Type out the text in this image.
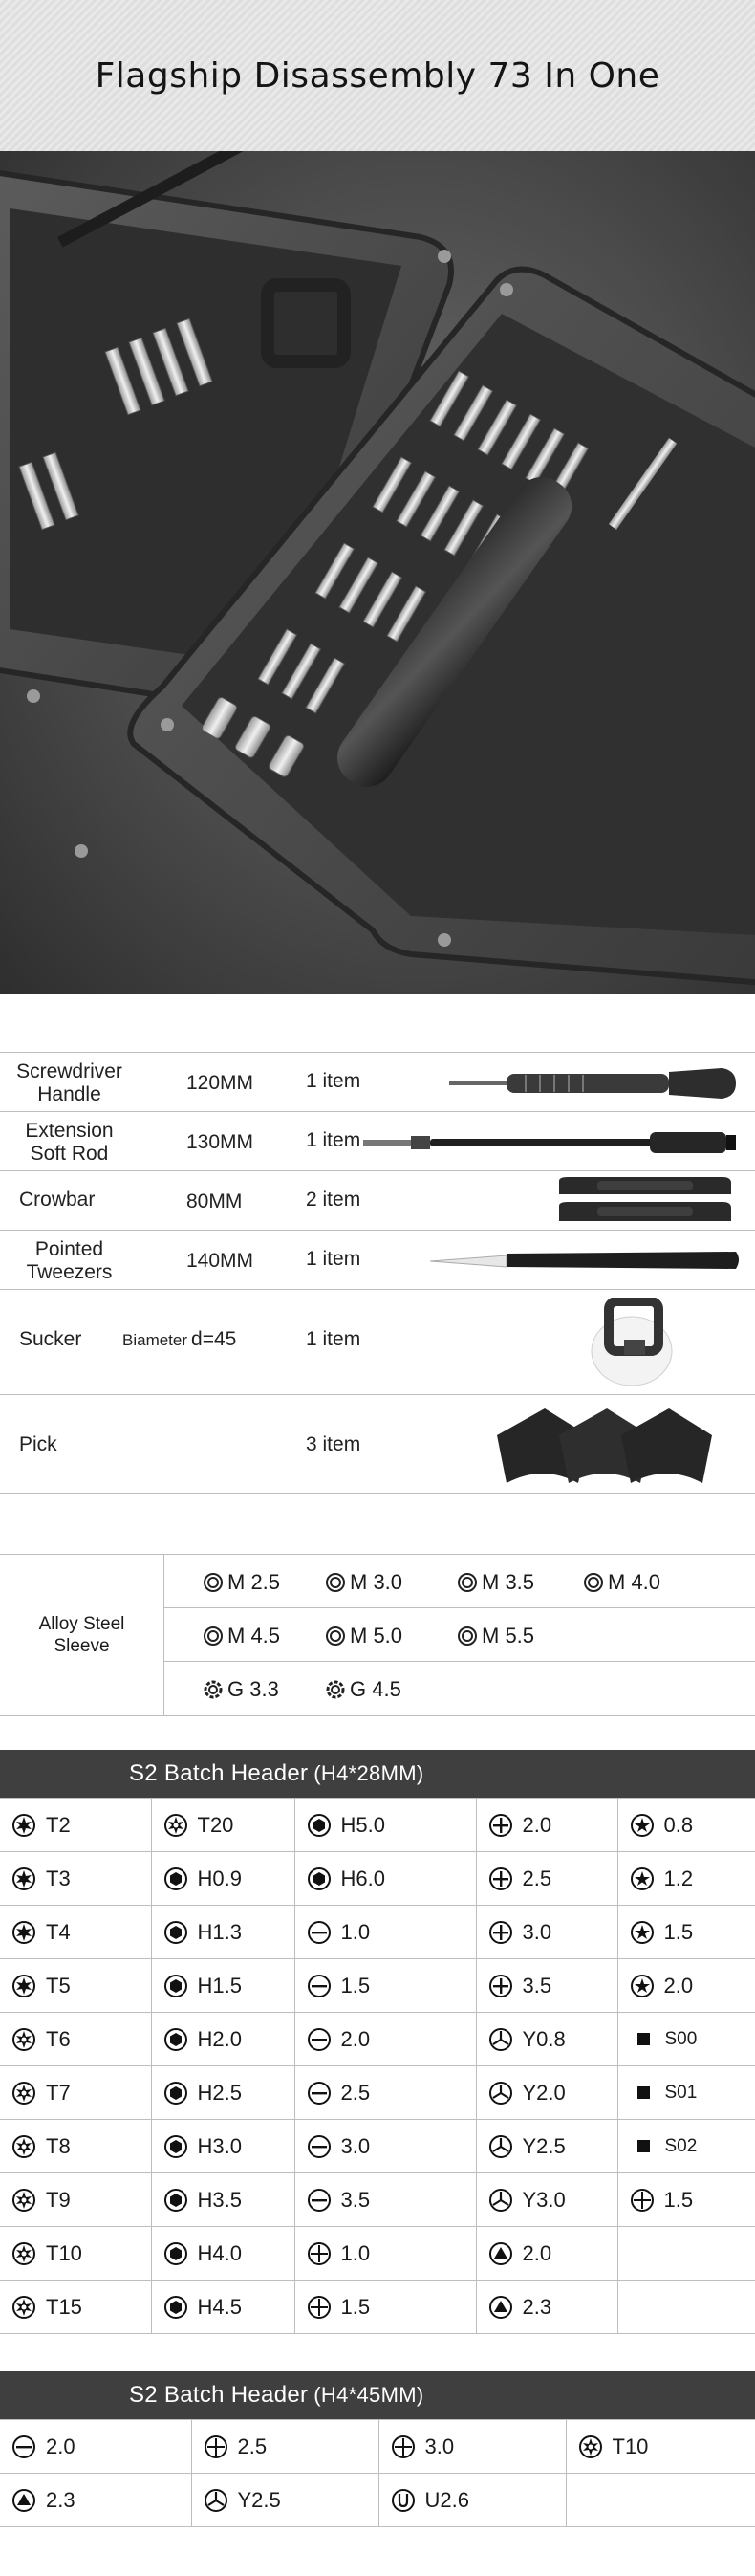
Flagship Disassembly 73 In One
Screwdriver
Handle
120MM	1 item
Extension
Soft Rod
130MM	1 item
Crowbar	80MM	2 item
Pointed
Tweezers
140MM	1 item
Sucker	Biameter d=45	1 item
Pick	3 item
Alloy Steel
Sleeve
M 2.5	M 3.0	M 3.5	M 4.0
M 4.5	M 5.0	M 5.5
G 3.3	G 4.5
S2 Batch Header (H4*28MM)
T2	T20	H5.0	2.0	0.8

T3	H0.9	H6.0	2.5	1.2

T4	H1.3	1.0	3.0	1.5

T5	H1.5	1.5	3.5	2.0

T6	H2.0	2.0	Y0.8	S00

T7	H2.5	2.5	Y2.0	S01

T8	H3.0	3.0	Y2.5	S02

T9	H3.5	3.5	Y3.0	1.5

T10	H4.0	1.0	2.0	

T15	H4.5	1.5	2.3	

S2 Batch Header (H4*45MM)
2.0	2.5	3.0	T10

2.3	Y2.5	U2.6	
